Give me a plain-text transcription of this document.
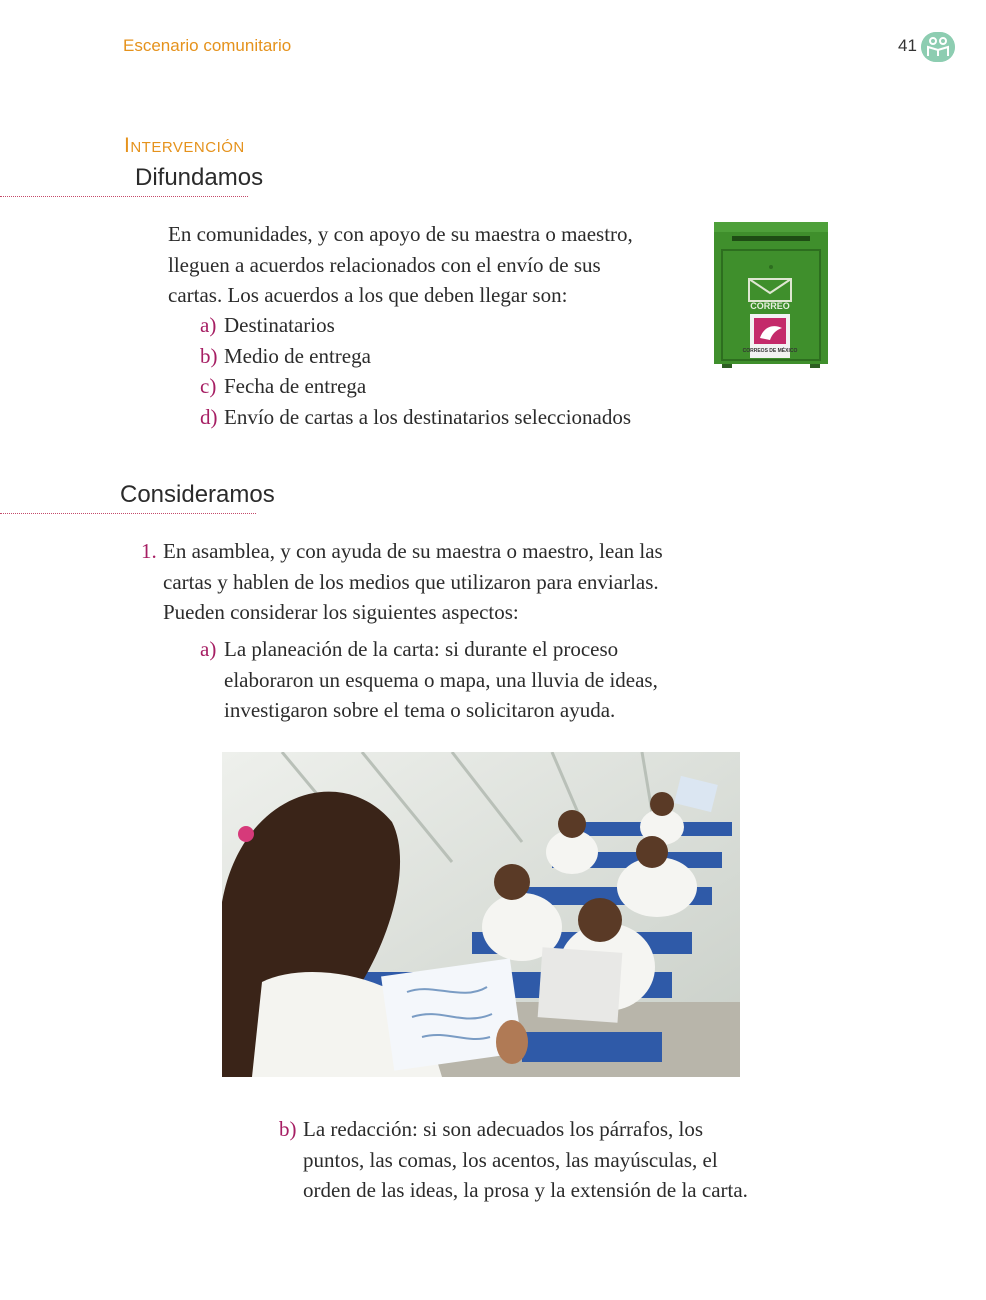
Escenario comunitario	41

Intervención

Difundamos

En comunidades, y con apoyo de su maestra o maestro,
lleguen a acuerdos relacionados con el envío de sus
cartas. Los acuerdos a los que deben llegar son:

a) Destinatarios
b) Medio de entrega
c) Fecha de entrega
d) Envío de cartas a los destinatarios seleccionados
CORREO
CORREOS DE MÉXICO
Consideramos
1. En asamblea, y con ayuda de su maestra o maestro, lean las
cartas y hablen de los medios que utilizaron para enviarlas.
Pueden considerar los siguientes aspectos:
a) La planeación de la carta: si durante el proceso
elaboraron un esquema o mapa, una lluvia de ideas,
investigaron sobre el tema o solicitaron ayuda.
b) La redacción: si son adecuados los párrafos, los
puntos, las comas, los acentos, las mayúsculas, el
orden de las ideas, la prosa y la extensión de la carta.
